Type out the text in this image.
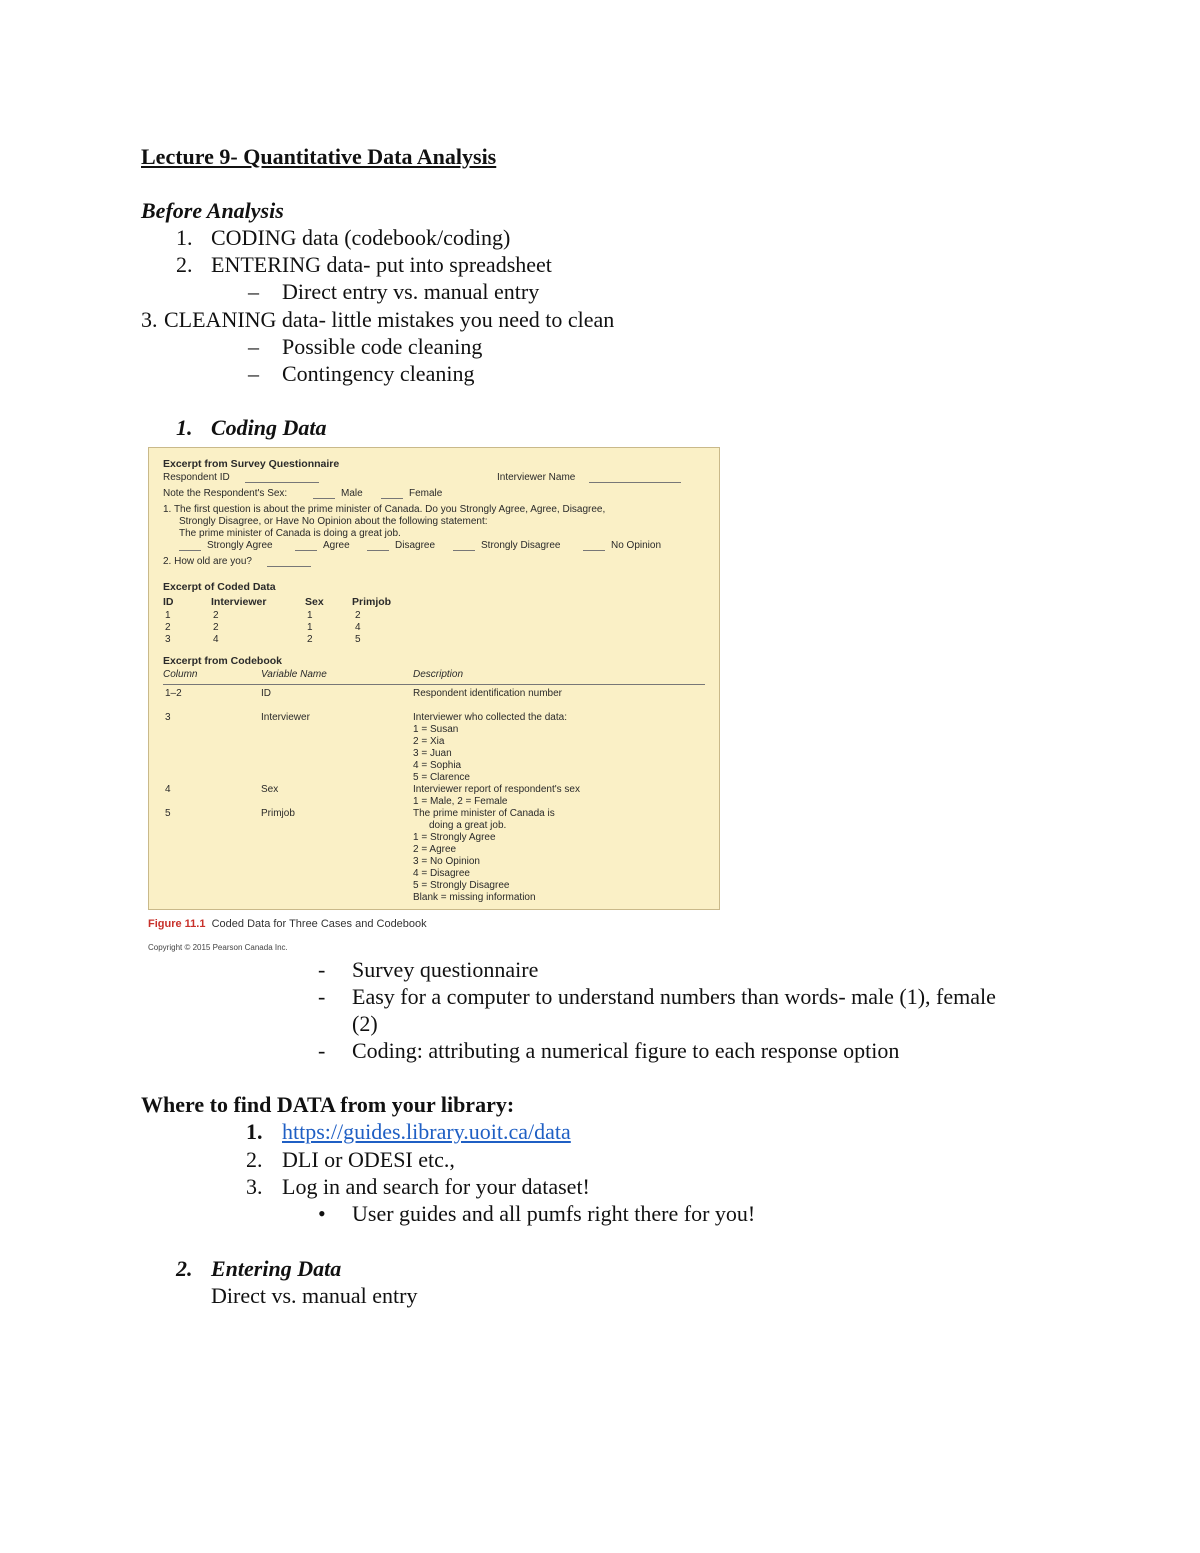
Lecture 9- Quantitative Data Analysis
Before Analysis
1. CODING data (codebook/coding)
2. ENTERING data- put into spreadsheet
– Direct entry vs. manual entry
3. CLEANING data- little mistakes you need to clean
– Possible code cleaning
– Contingency cleaning
1. Coding Data
Excerpt from Survey Questionnaire
Respondent ID	Interviewer Name
Note the Respondent's Sex:	Male	Female
1. The first question is about the prime minister of Canada. Do you Strongly Agree, Agree, Disagree,
Strongly Disagree, or Have No Opinion about the following statement:
The prime minister of Canada is doing a great job.
Strongly Agree	Agree	Disagree	Strongly Disagree	No Opinion
2. How old are you?
Excerpt of Coded Data
ID	Interviewer	Sex	Primjob
1	2	1	2
2	2	1	4
3	4	2	5
Excerpt from Codebook
Column	Variable Name	Description
1–2	ID	Respondent identification number
3	Interviewer	Interviewer who collected the data:
1 = Susan
2 = Xia
3 = Juan
4 = Sophia
5 = Clarence
4	Sex	Interviewer report of respondent's sex
1 = Male, 2 = Female
5	Primjob	The prime minister of Canada is
doing a great job.
1 = Strongly Agree
2 = Agree
3 = No Opinion
4 = Disagree
5 = Strongly Disagree
Blank = missing information
Figure 11.1 Coded Data for Three Cases and Codebook
Copyright © 2015 Pearson Canada Inc.
- Survey questionnaire
- Easy for a computer to understand numbers than words- male (1), female
(2)
- Coding: attributing a numerical figure to each response option
Where to find DATA from your library:
1. https://guides.library.uoit.ca/data
2. DLI or ODESI etc.,
3. Log in and search for your dataset!
• User guides and all pumfs right there for you!
2. Entering Data
Direct vs. manual entry
